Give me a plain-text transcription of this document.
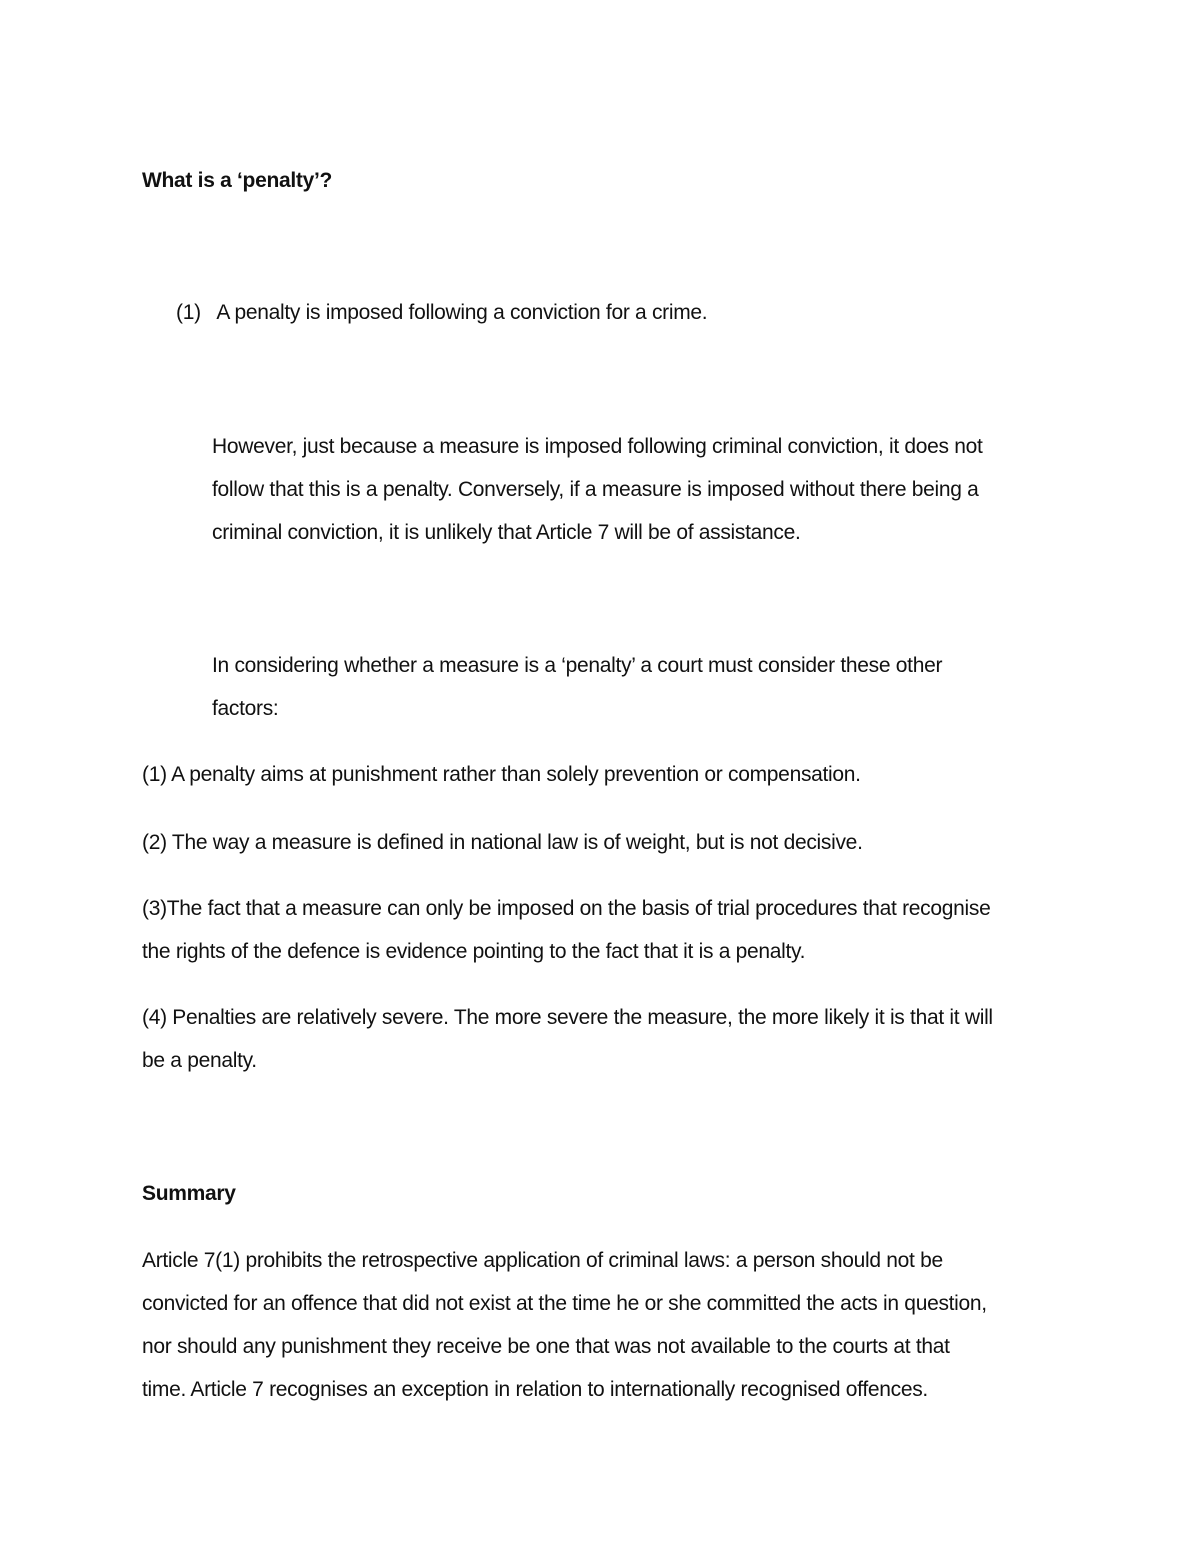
What is a ‘penalty’?
(1) A penalty is imposed following a conviction for a crime.
However, just because a measure is imposed following criminal conviction, it does not
follow that this is a penalty. Conversely, if a measure is imposed without there being a
criminal conviction, it is unlikely that Article 7 will be of assistance.
In considering whether a measure is a ‘penalty’ a court must consider these other
factors:
(1) A penalty aims at punishment rather than solely prevention or compensation.
(2) The way a measure is defined in national law is of weight, but is not decisive.
(3)The fact that a measure can only be imposed on the basis of trial procedures that recognise
the rights of the defence is evidence pointing to the fact that it is a penalty.
(4) Penalties are relatively severe. The more severe the measure, the more likely it is that it will
be a penalty.
Summary
Article 7(1) prohibits the retrospective application of criminal laws: a person should not be
convicted for an offence that did not exist at the time he or she committed the acts in question,
nor should any punishment they receive be one that was not available to the courts at that
time. Article 7 recognises an exception in relation to internationally recognised offences.
